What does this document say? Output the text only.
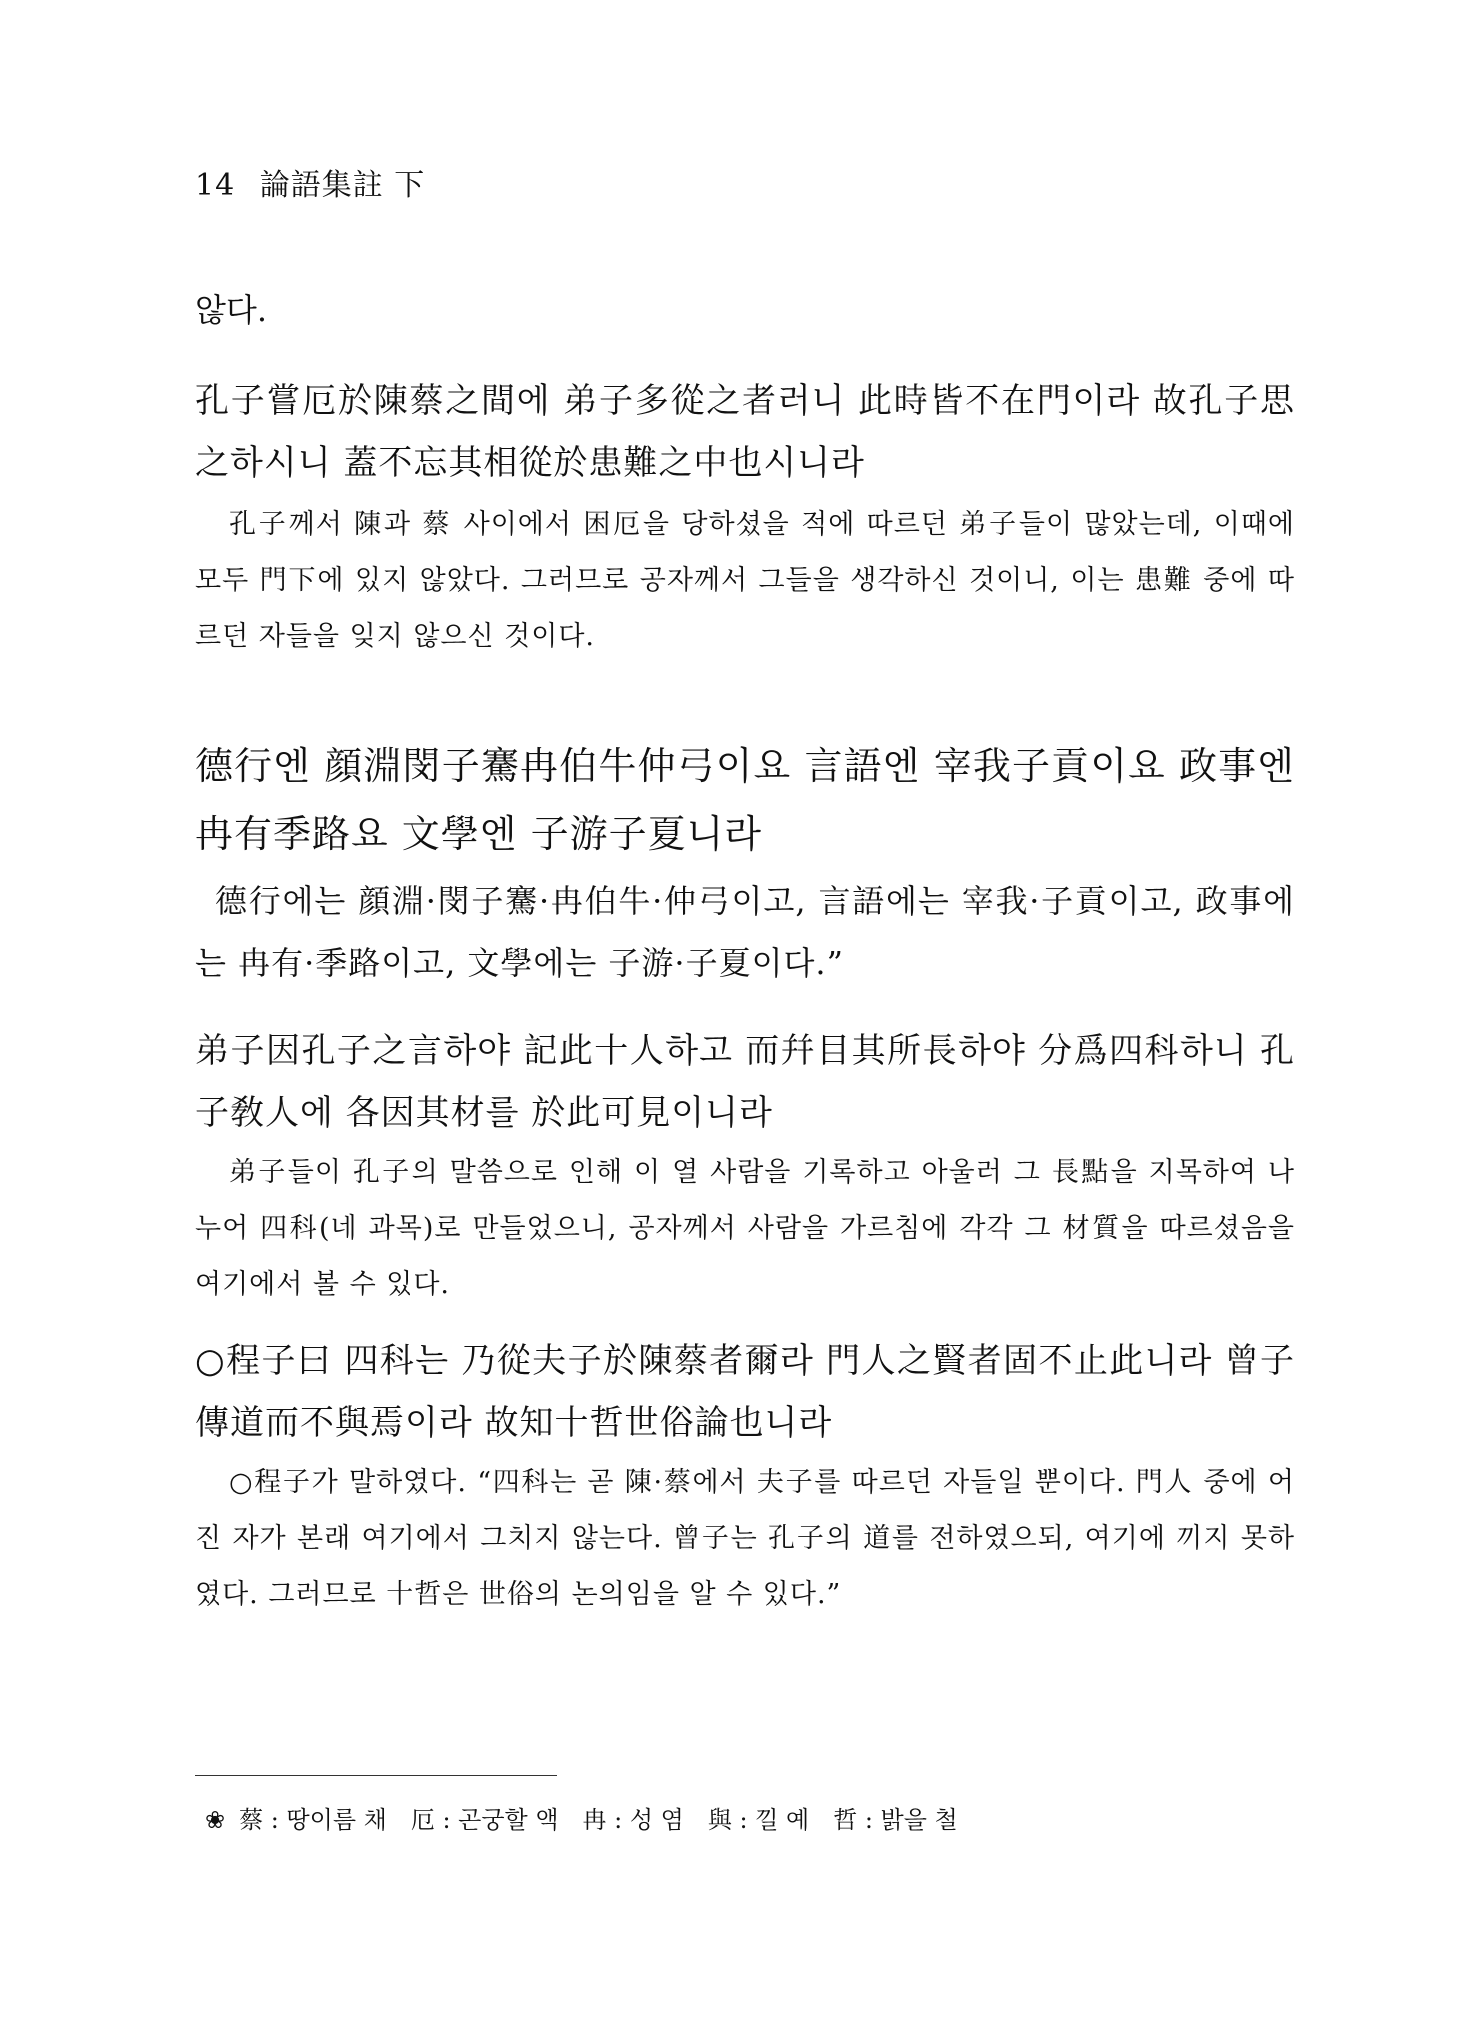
14 論語集註 下
않다.
孔子嘗厄於陳蔡之間에 弟子多從之者러니 此時皆不在門이라 故孔子思之하시니 蓋不忘其相從於患難之中也시니라
孔子께서 陳과 蔡 사이에서 困厄을 당하셨을 적에 따르던 弟子들이 많았는데, 이때에 모두 門下에 있지 않았다. 그러므로 공자께서 그들을 생각하신 것이니, 이는 患難 중에 따르던 자들을 잊지 않으신 것이다.
德行엔 顔淵閔子騫冉伯牛仲弓이요 言語엔 宰我子貢이요 政事엔 冉有季路요 文學엔 子游子夏니라
德行에는 顔淵·閔子騫·冉伯牛·仲弓이고, 言語에는 宰我·子貢이고, 政事에는 冉有·季路이고, 文學에는 子游·子夏이다.”
弟子因孔子之言하야 記此十人하고 而幷目其所長하야 分爲四科하니 孔子敎人에 各因其材를 於此可見이니라
弟子들이 孔子의 말씀으로 인해 이 열 사람을 기록하고 아울러 그 長點을 지목하여 나누어 四科(네 과목)로 만들었으니, 공자께서 사람을 가르침에 각각 그 材質을 따르셨음을 여기에서 볼 수 있다.
○程子曰 四科는 乃從夫子於陳蔡者爾라 門人之賢者固不止此니라 曾子傳道而不與焉이라 故知十哲世俗論也니라
○程子가 말하였다. “四科는 곧 陳·蔡에서 夫子를 따르던 자들일 뿐이다. 門人 중에 어진 자가 본래 여기에서 그치지 않는다. 曾子는 孔子의 道를 전하였으되, 여기에 끼지 못하였다. 그러므로 十哲은 世俗의 논의임을 알 수 있다.”
❀ 蔡 : 땅이름 채　厄 : 곤궁할 액　冉 : 성 염　與 : 낄 예　哲 : 밝을 철
